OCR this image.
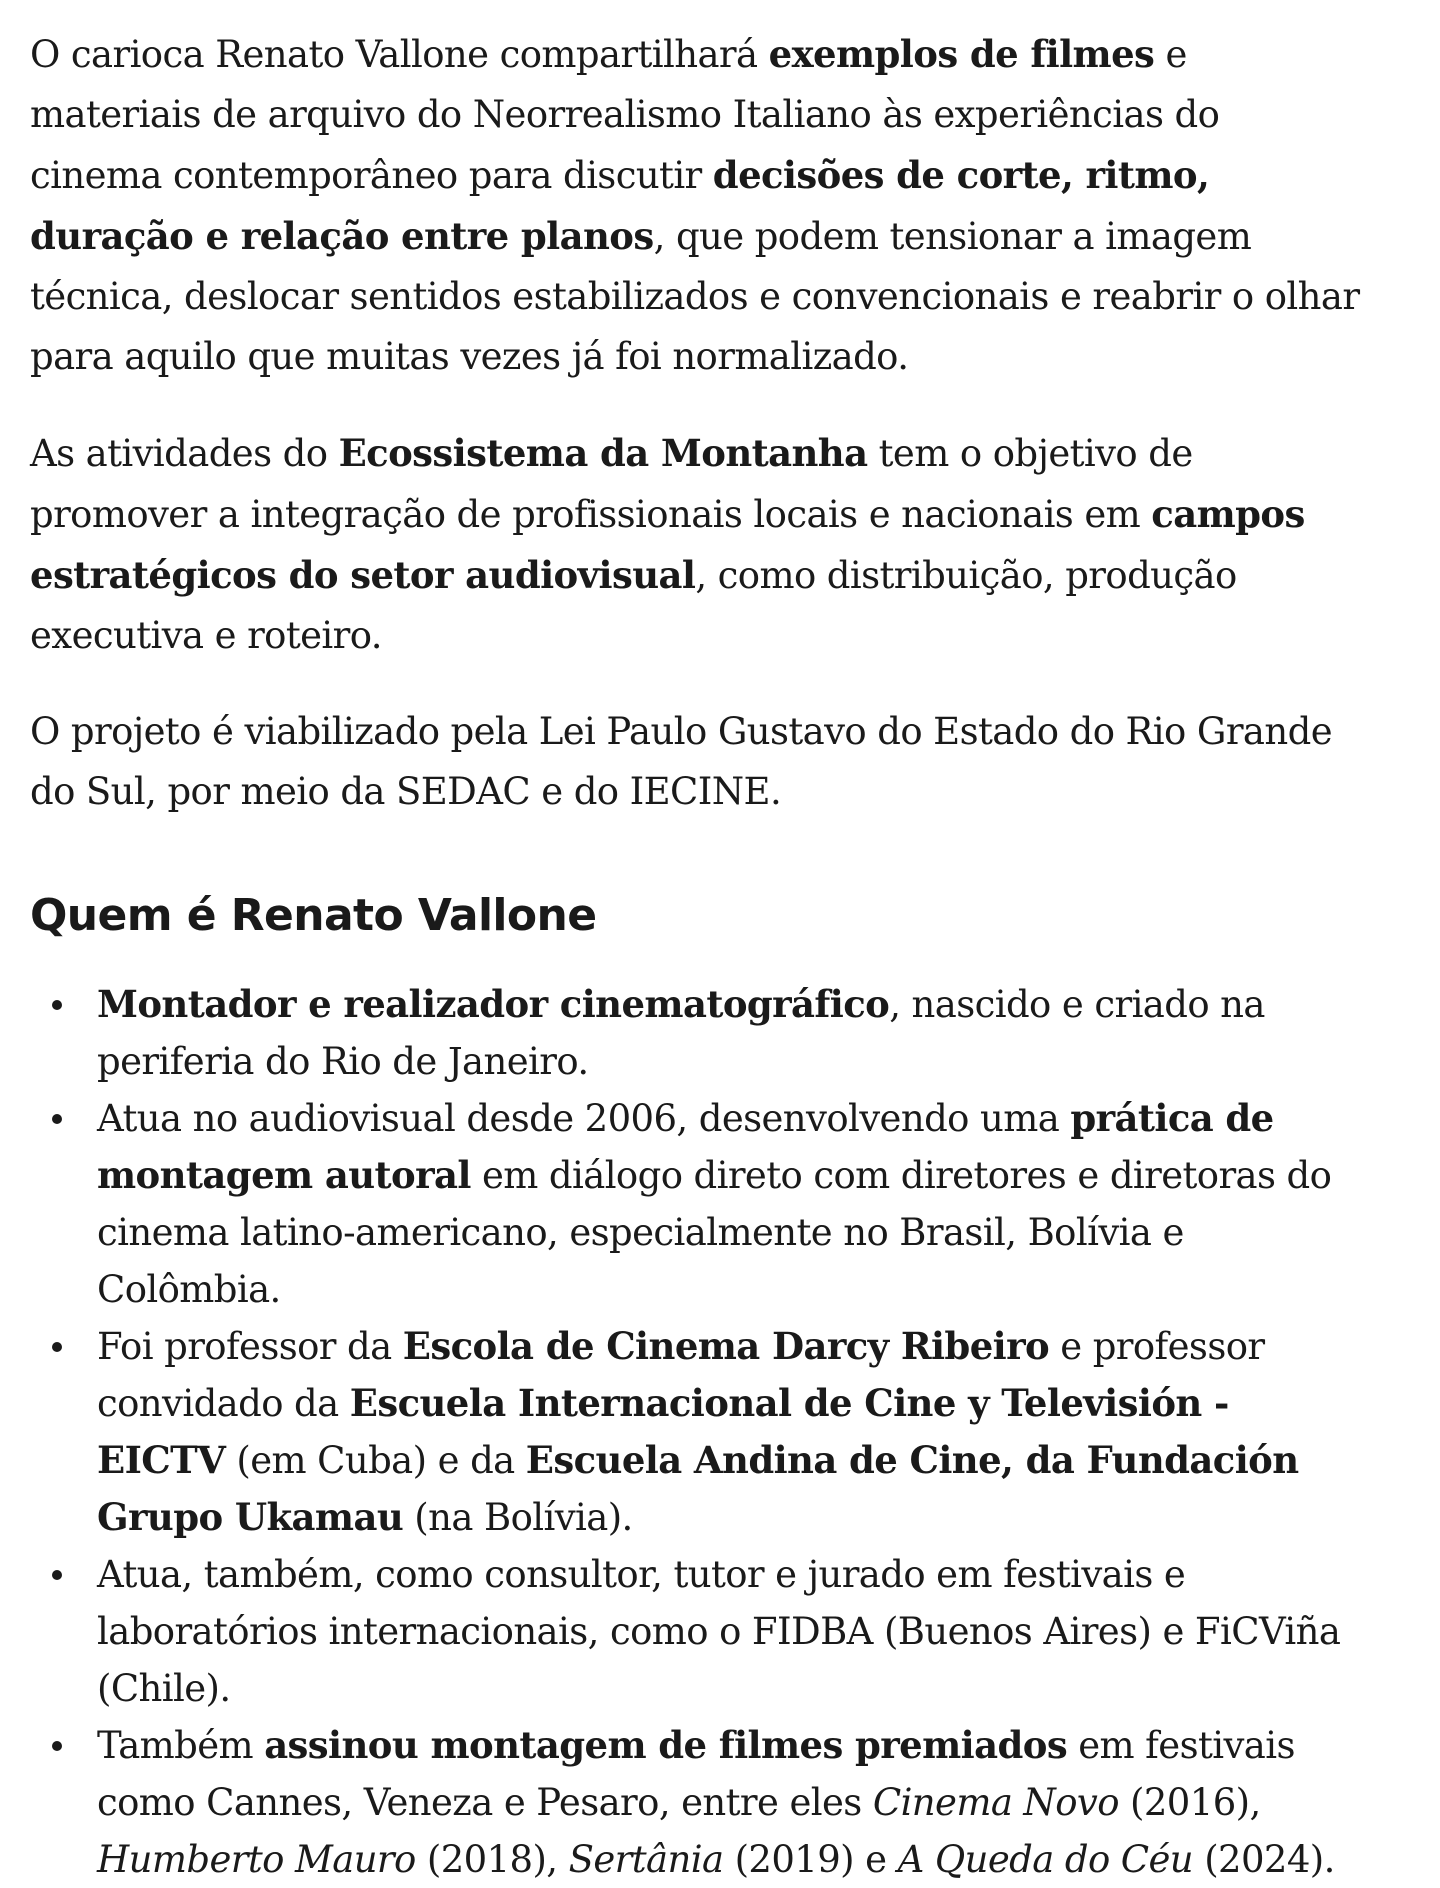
O carioca Renato Vallone compartilhará exemplos de filmes e materiais de arquivo do Neorrealismo Italiano às experiências do cinema contemporâneo para discutir decisões de corte, ritmo, duração e relação entre planos, que podem tensionar a imagem técnica, deslocar sentidos estabilizados e convencionais e reabrir o olhar para aquilo que muitas vezes já foi normalizado.

As atividades do Ecossistema da Montanha tem o objetivo de promover a integração de profissionais locais e nacionais em campos estratégicos do setor audiovisual, como distribuição, produção executiva e roteiro.

O projeto é viabilizado pela Lei Paulo Gustavo do Estado do Rio Grande do Sul, por meio da SEDAC e do IECINE.

Quem é Renato Vallone
Montador e realizador cinematográfico, nascido e criado na periferia do Rio de Janeiro.
Atua no audiovisual desde 2006, desenvolvendo uma prática de montagem autoral em diálogo direto com diretores e diretoras do cinema latino-americano, especialmente no Brasil, Bolívia e Colômbia.
Foi professor da Escola de Cinema Darcy Ribeiro e professor convidado da Escuela Internacional de Cine y Televisión - EICTV (em Cuba) e da Escuela Andina de Cine, da Fundación Grupo Ukamau (na Bolívia).
Atua, também, como consultor, tutor e jurado em festivais e laboratórios internacionais, como o FIDBA (Buenos Aires) e FiCViña (Chile).
Também assinou montagem de filmes premiados em festivais como Cannes, Veneza e Pesaro, entre eles Cinema Novo (2016), Humberto Mauro (2018), Sertânia (2019) e A Queda do Céu (2024).
